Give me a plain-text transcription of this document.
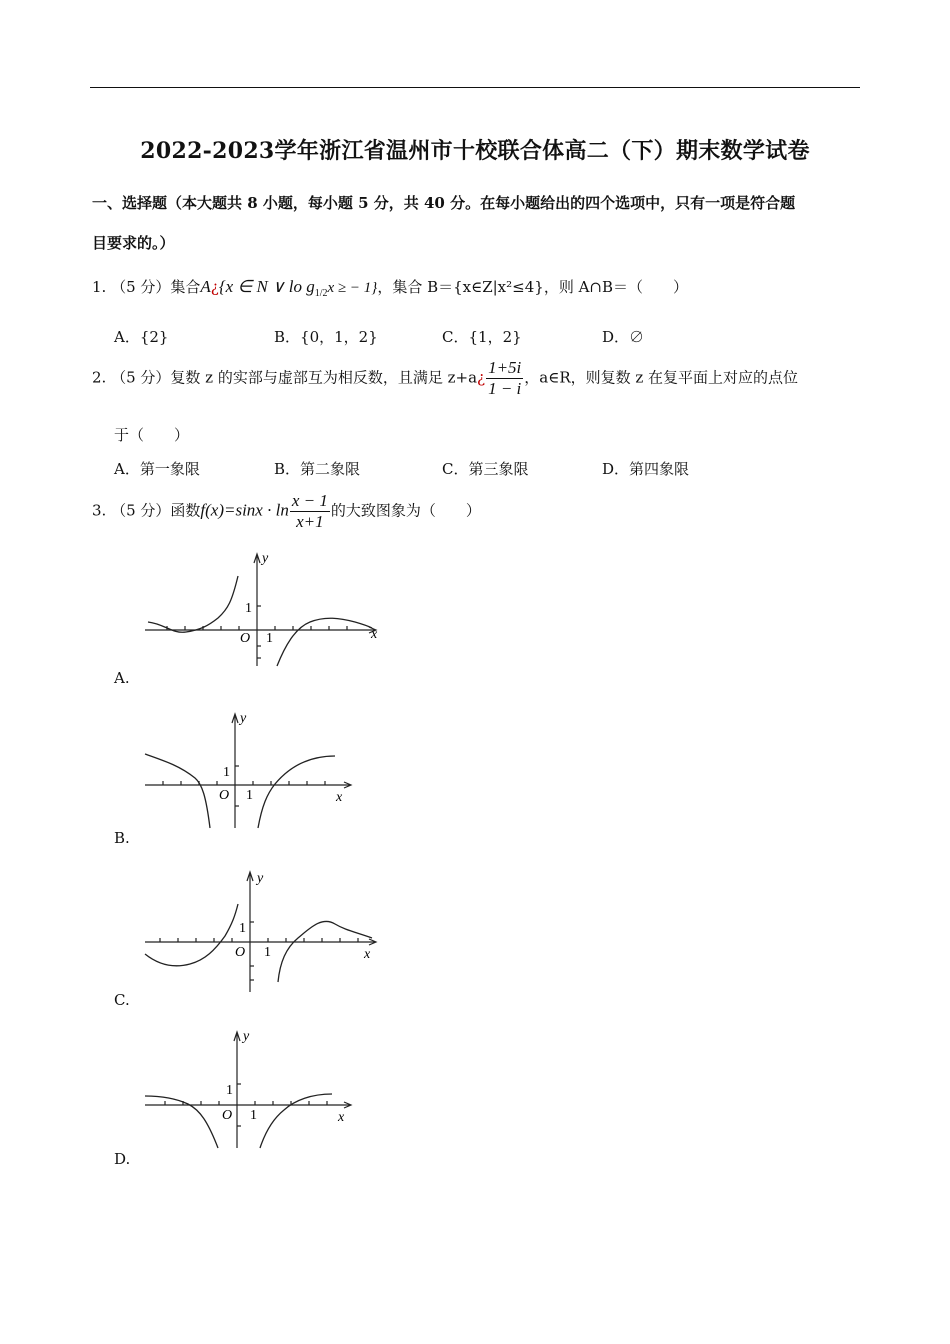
2022-2023学年浙江省温州市十校联合体高二（下）期末数学试卷
一、选择题（本大题共 8 小题，每小题 5 分，共 40 分。在每小题给出的四个选项中，只有一项是符合题
目要求的。）
1. （5 分）集合A¿{x ∈ N ∨ lo $g_{1/2}x$ ≥ − 1}，集合 B＝{x∈Z|x²≤4}，则 A∩B＝（　　）
A．{2}	B．{0，1，2}	C．{1，2}	D．∅
2. （5 分）复数 z 的实部与虚部互为相反数，且满足 z+a¿ $\frac{1+5i}{1 - i}$ ，a∈R，则复数 z 在复平面上对应的点位
于（　　）
A．第一象限	B．第二象限	C．第三象限	D．第四象限
3. （5 分）函数$f(x)=\sin x \cdot \ln \frac{x - 1}{x+1}$ 的大致图象为（　　）
y
x
O 1
1
A.
y
x
O 1
1
B.
y
x
O 1
1
C.
y
x
O 1
1
D.
